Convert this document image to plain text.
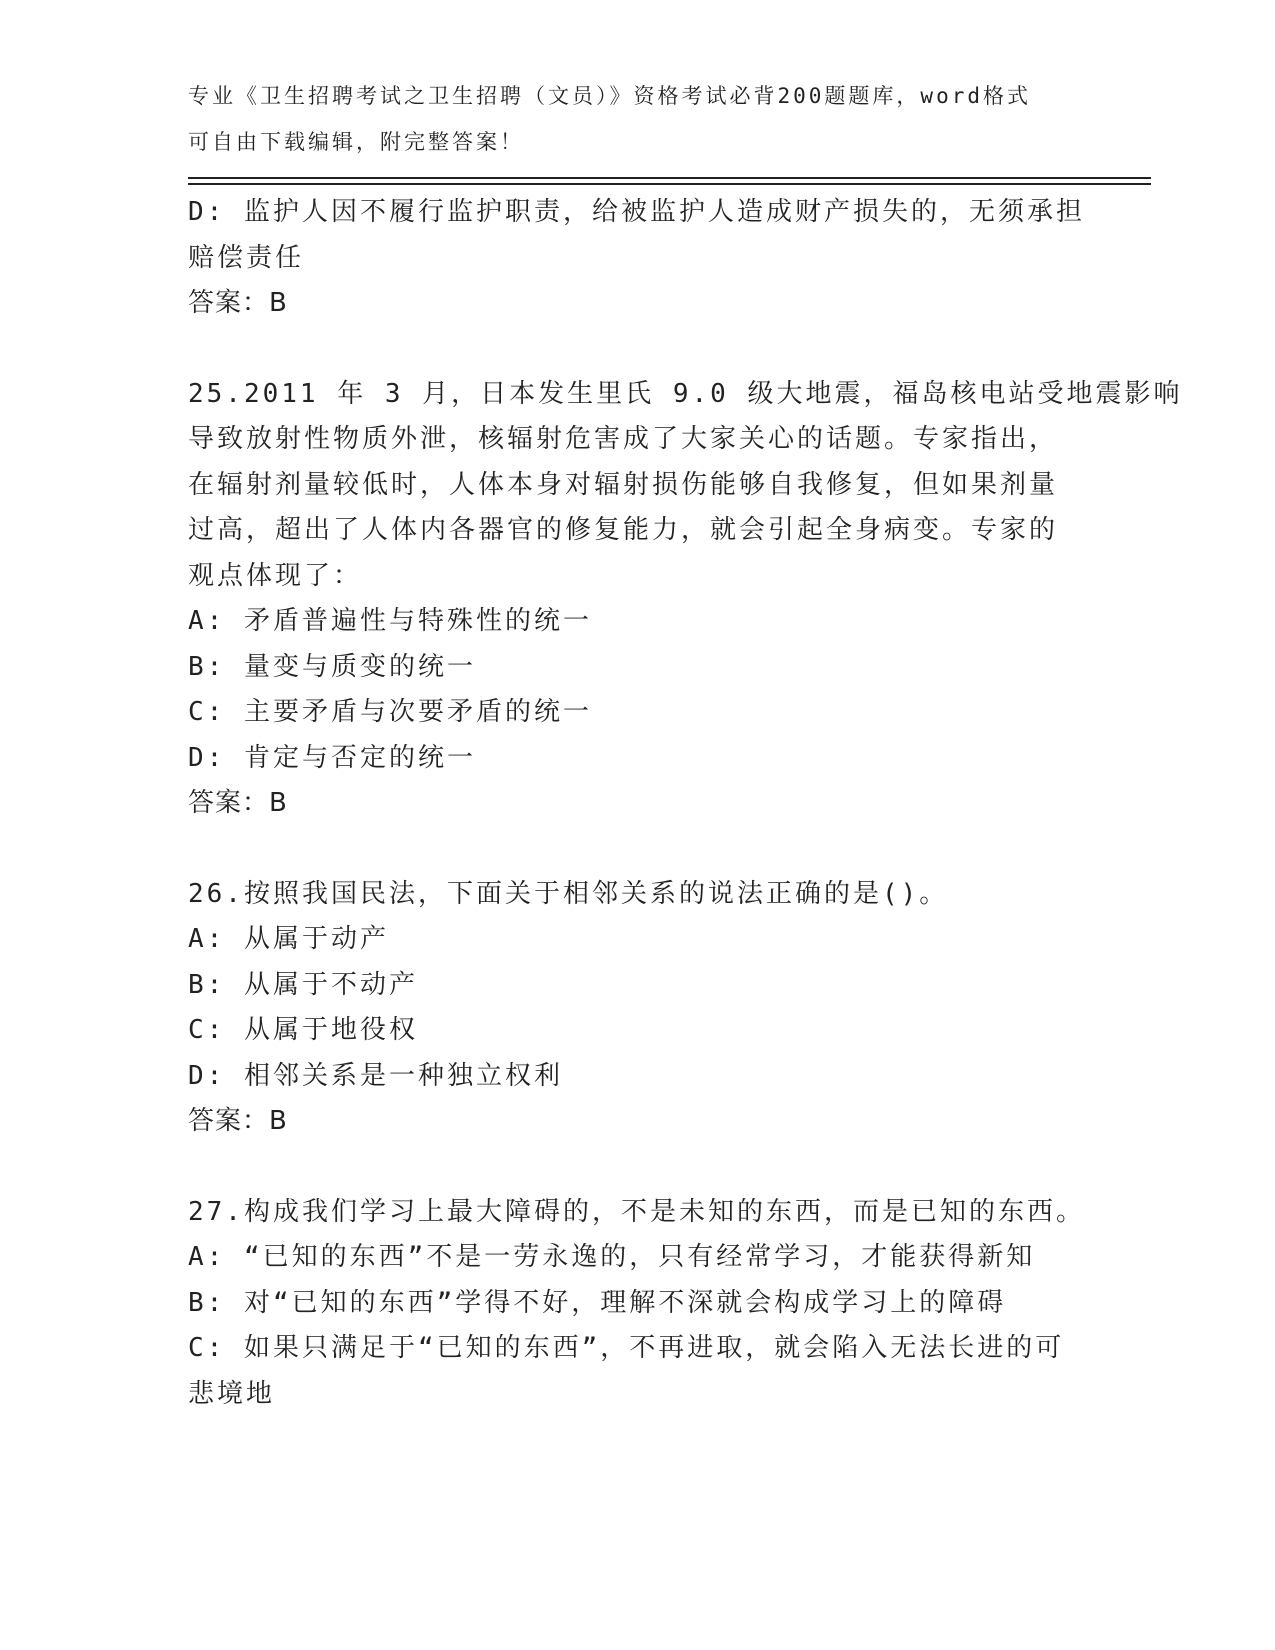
专业《卫生招聘考试之卫生招聘（文员）》资格考试必背200题题库，word格式
可自由下载编辑，附完整答案！
D: 监护人因不履行监护职责，给被监护人造成财产损失的，无须承担
赔偿责任
答案：B
25.2011 年 3 月，日本发生里氏 9.0 级大地震，福岛核电站受地震影响
导致放射性物质外泄，核辐射危害成了大家关心的话题。专家指出，
在辐射剂量较低时，人体本身对辐射损伤能够自我修复，但如果剂量
过高，超出了人体内各器官的修复能力，就会引起全身病变。专家的
观点体现了：
A: 矛盾普遍性与特殊性的统一
B: 量变与质变的统一
C: 主要矛盾与次要矛盾的统一
D: 肯定与否定的统一
答案：B
26.按照我国民法，下面关于相邻关系的说法正确的是()。
A: 从属于动产
B: 从属于不动产
C: 从属于地役权
D: 相邻关系是一种独立权利
答案：B
27.构成我们学习上最大障碍的，不是未知的东西，而是已知的东西。
A: “已知的东西”不是一劳永逸的，只有经常学习，才能获得新知
B: 对“已知的东西”学得不好，理解不深就会构成学习上的障碍
C: 如果只满足于“已知的东西”，不再进取，就会陷入无法长进的可
悲境地
